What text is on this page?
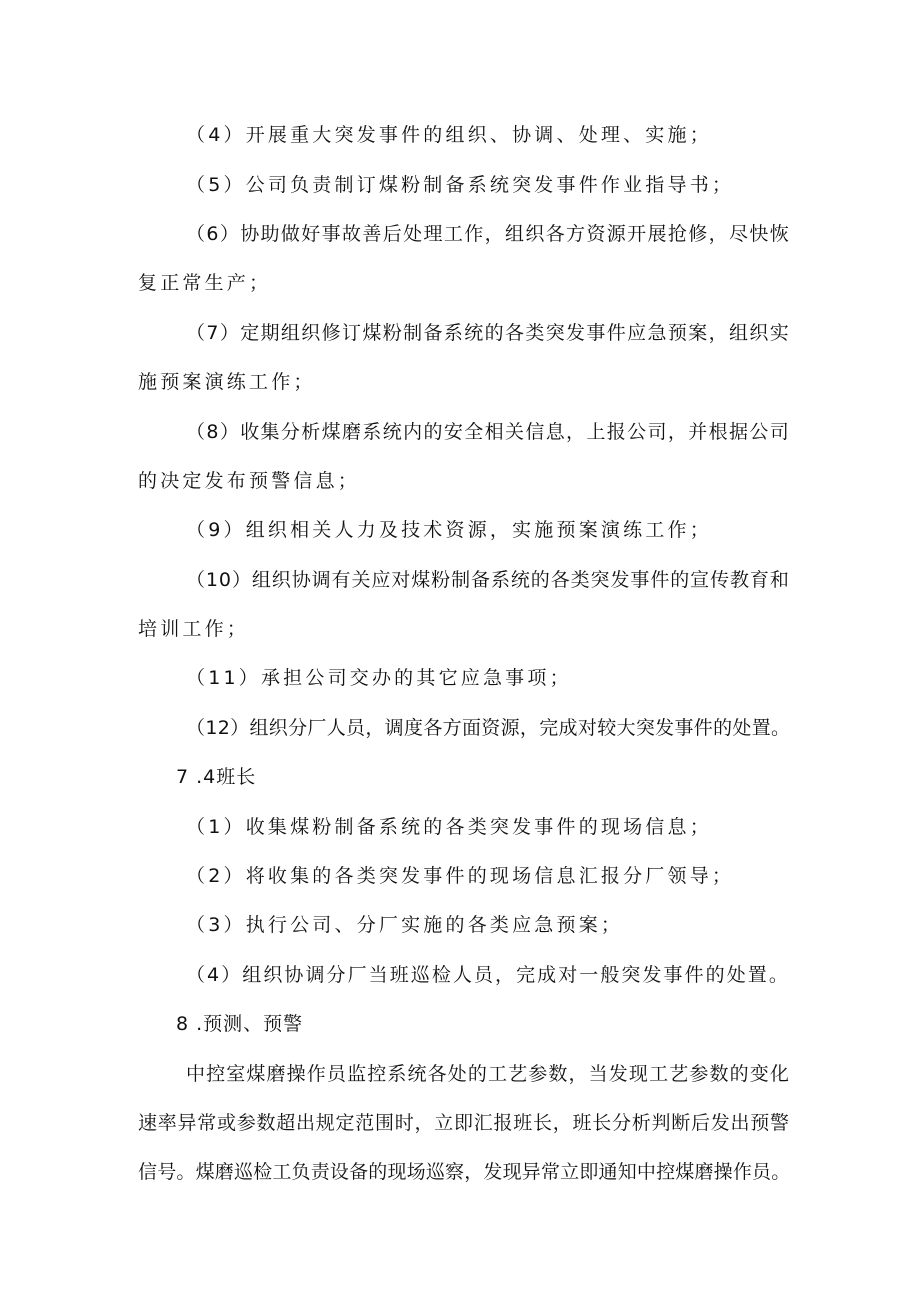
（4）开展重大突发事件的组织、协调、处理、实施；
（5）公司负责制订煤粉制备系统突发事件作业指导书；
（6）协助做好事故善后处理工作，组织各方资源开展抢修，尽快恢
复正常生产；
（7）定期组织修订煤粉制备系统的各类突发事件应急预案，组织实
施预案演练工作；
（8）收集分析煤磨系统内的安全相关信息，上报公司，并根据公司
的决定发布预警信息；
（9）组织相关人力及技术资源，实施预案演练工作；
（10）组织协调有关应对煤粉制备系统的各类突发事件的宣传教育和
培训工作；
（11）承担公司交办的其它应急事项；
（12）组织分厂人员，调度各方面资源，完成对较大突发事件的处置。
7 .4班长
（1）收集煤粉制备系统的各类突发事件的现场信息；
（2）将收集的各类突发事件的现场信息汇报分厂领导；
（3）执行公司、分厂实施的各类应急预案；
（4）组织协调分厂当班巡检人员，完成对一般突发事件的处置。
8 .预测、预警
中控室煤磨操作员监控系统各处的工艺参数，当发现工艺参数的变化
速率异常或参数超出规定范围时，立即汇报班长，班长分析判断后发出预警
信号。煤磨巡检工负责设备的现场巡察，发现异常立即通知中控煤磨操作员。
